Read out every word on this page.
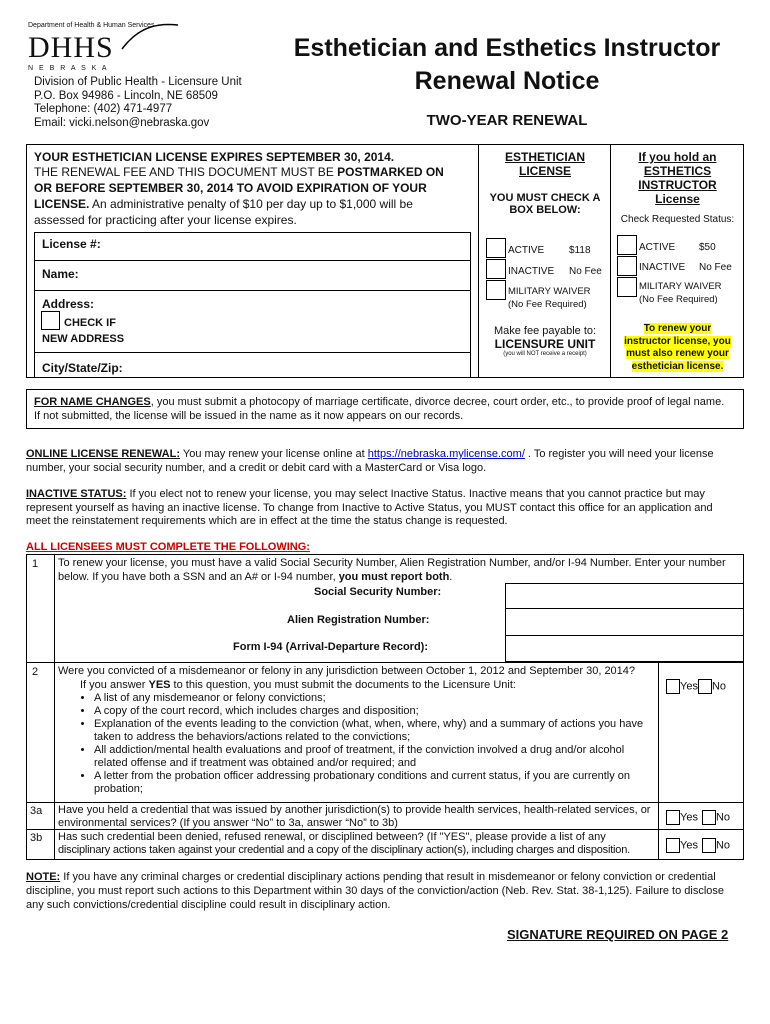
Department of Health & Human Services
DHHS
N E B R A S K A
Division of Public Health - Licensure Unit
P.O. Box 94986 - Lincoln, NE 68509
Telephone: (402) 471-4977
Email: vicki.nelson@nebraska.gov
Esthetician and Esthetics Instructor
Renewal Notice
TWO-YEAR RENEWAL
YOUR ESTHETICIAN LICENSE EXPIRES SEPTEMBER 30, 2014.
THE RENEWAL FEE AND THIS DOCUMENT MUST BE POSTMARKED ON
OR BEFORE SEPTEMBER 30, 2014 TO AVOID EXPIRATION OF YOUR
LICENSE. An administrative penalty of $10 per day up to $1,000 will be
assessed for practicing after your license expires.
License #:
Name:
Address:
CHECK IF
NEW ADDRESS
City/State/Zip:
ESTHETICIAN
LICENSE
YOU MUST CHECK A
BOX BELOW:
ACTIVE $118
INACTIVE No Fee
MILITARY WAIVER
(No Fee Required)
Make fee payable to:
LICENSURE UNIT
(you will NOT receive a receipt)
If you hold an
ESTHETICS
INSTRUCTOR
License
Check Requested Status:
ACTIVE $50
INACTIVE No Fee
MILITARY WAIVER
(No Fee Required)
To renew your
instructor license, you
must also renew your
esthetician license.
FOR NAME CHANGES, you must submit a photocopy of marriage certificate, divorce decree, court order, etc., to provide proof of legal name.
If not submitted, the license will be issued in the name as it now appears on our records.
ONLINE LICENSE RENEWAL: You may renew your license online at https://nebraska.mylicense.com/ . To register you will need your license
number, your social security number, and a credit or debit card with a MasterCard or Visa logo.
INACTIVE STATUS: If you elect not to renew your license, you may select Inactive Status. Inactive means that you cannot practice but may
represent yourself as having an inactive license. To change from Inactive to Active Status, you MUST contact this office for an application and
meet the reinstatement requirements which are in effect at the time the status change is requested.
ALL LICENSEES MUST COMPLETE THE FOLLOWING:
1 To renew your license, you must have a valid Social Security Number, Alien Registration Number, and/or I-94 Number. Enter your number
below. If you have both a SSN and an A# or I-94 number, you must report both.
Social Security Number:
Alien Registration Number:
Form I-94 (Arrival-Departure Record):
2 Were you convicted of a misdemeanor or felony in any jurisdiction between October 1, 2012 and September 30, 2014?
If you answer YES to this question, you must submit the documents to the Licensure Unit:
• A list of any misdemeanor or felony convictions;
• A copy of the court record, which includes charges and disposition;
• Explanation of the events leading to the conviction (what, when, where, why) and a summary of actions you have taken to address the behaviors/actions related to the convictions;
• All addiction/mental health evaluations and proof of treatment, if the conviction involved a drug and/or alcohol related offense and if treatment was obtained and/or required; and
• A letter from the probation officer addressing probationary conditions and current status, if you are currently on probation;
Yes No
3a Have you held a credential that was issued by another jurisdiction(s) to provide health services, health-related services, or
environmental services? (If you answer “No” to 3a, answer “No” to 3b)	Yes No
3b Has such credential been denied, refused renewal, or disciplined between? (If "YES", please provide a list of any
disciplinary actions taken against your credential and a copy of the disciplinary action(s), including charges and disposition.	Yes No
NOTE: If you have any criminal charges or credential disciplinary actions pending that result in misdemeanor or felony conviction or credential
discipline, you must report such actions to this Department within 30 days of the conviction/action (Neb. Rev. Stat. 38-1,125). Failure to disclose
any such convictions/credential discipline could result in disciplinary action.
SIGNATURE REQUIRED ON PAGE 2
